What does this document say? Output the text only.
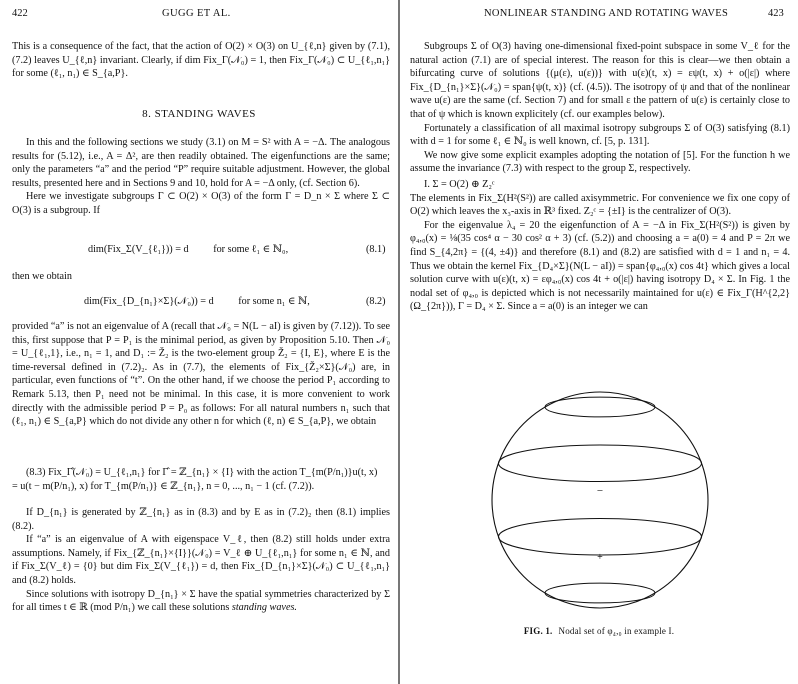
422	GUGG ET AL.

This is a consequence of the fact, that the action of O(2) × O(3) on U_{ℓ,n} given by (7.1), (7.2) leaves U_{ℓ,n} invariant. Clearly, if dim Fix_Γ(𝒩₀) = 1, then Fix_Γ(𝒩₀) ⊂ U_{ℓ₁,n₁} for some (ℓ₁, n₁) ∈ S_{a,P}.

8. STANDING WAVES

In this and the following sections we study (3.1) on M = S² with A = −Δ. The analogous results for (5.12), i.e., A = Δ², are then readily obtained. The eigenfunctions are the same; only the parameters “a” and the period “P” require suitable adjustment. However, the global results, presented here and in Sections 9 and 10, hold for A = −Δ only, (cf. Section 6).

Here we investigate subgroups Γ ⊂ O(2) × O(3) of the form Γ = D_n × Σ where Σ ⊂ O(3) is a subgroup. If

dim(Fix_Σ(V_{ℓ₁})) = d for some ℓ₁ ∈ ℕ₀,	(8.1)
then we obtain
dim(Fix_{D_{n₁}×Σ}(𝒩₀)) = d for some n₁ ∈ ℕ,	(8.2)

provided “a” is not an eigenvalue of A (recall that 𝒩₀ = N(L − aI) is given by (7.12)). To see this, first suppose that P = P₁ is the minimal period, as given by Proposition 5.10. Then 𝒩₀ = U_{ℓ₁,1}, i.e., n₁ = 1, and D₁ := Ž₂ is the two-element group Ž₂ = {I, E}, where E is the time-reversal defined in (7.2)₂. As in (7.7), the elements of Fix_{Ž₂×Σ}(𝒩₀) are, in particular, even functions of “t”. On the other hand, if we choose the period P₁ according to Remark 5.13, then P₁ need not be minimal. In this case, it is more convenient to work directly with the admissible period P = P₀ as follows: For all natural numbers n₁ such that (ℓ₁, n₁) ∈ S_{a,P} which do not divide any other n for which (ℓ, n) ∈ S_{a,P}, we obtain

(8.3) Fix_Γ̂(𝒩₀) = U_{ℓ₁,n₁} for Γ̂ = ℤ_{n₁} × {I} with the action T_{m(P/n₁)}u(t, x)

= u(t − m(P/n₁), x) for T_{m(P/n₁)} ∈ ℤ_{n₁}, n = 0, ..., n₁ − 1 (cf. (7.2)).

If D_{n₁} is generated by ℤ_{n₁} as in (8.3) and by E as in (7.2)₂ then (8.1) implies (8.2).

If “a” is an eigenvalue of A with eigenspace V_ℓ, then (8.2) still holds under extra assumptions. Namely, if Fix_{ℤ_{n₁}×{I}}(𝒩₀) = V_ℓ ⊕ U_{ℓ₁,n₁} for some n₁ ∈ ℕ, and if Fix_Σ(V_ℓ) = {0} but dim Fix_Σ(V_{ℓ₁}) = d, then Fix_{D_{n₁}×Σ}(𝒩₀) ⊂ U_{ℓ₁,n₁} and (8.2) holds.

Since solutions with isotropy D_{n₁} × Σ have the spatial symmetries characterized by Σ for all times t ∈ ℝ (mod P/n₁) we call these solutions standing waves.

NONLINEAR STANDING AND ROTATING WAVES	423

Subgroups Σ of O(3) having one-dimensional fixed-point subspace in some V_ℓ for the natural action (7.1) are of special interest. The reason for this is clear—we then obtain a bifurcating curve of solutions {(μ(ε), u(ε))} with u(ε)(t, x) = εψ(t, x) + o(|ε|) where Fix_{D_{n₁}×Σ}(𝒩₀) = span{ψ(t, x)} (cf. (4.5)). The isotropy of ψ and that of the nonlinear wave u(ε) are the same (cf. Section 7) and for small ε the pattern of u(ε) is certainly close to that of ψ which is known explicitely (cf. our examples below).

Fortunately a classification of all maximal isotropy subgroups Σ of O(3) satisfying (8.1) with d = 1 for some ℓ₁ ∈ ℕ₀ is well known, cf. [5, p. 131].

We now give some explicit examples adopting the notation of [5]. For the function h we assume the invariance (7.3) with respect to the group Σ, respectively.

I. Σ = O(2) ⊕ Z₂ᶜ

The elements in Fix_Σ(H²(S²)) are called axisymmetric. For convenience we fix one copy of O(2) which leaves the x₃-axis in ℝ³ fixed. Z₂ᶜ = {±I} is the centralizer of O(3).

For the eigenvalue λ₄ = 20 the eigenfunction of A = −Δ in Fix_Σ(H²(S²)) is given by φ₄,₀(x) = ⅛(35 cos⁴ α − 30 cos² α + 3) (cf. (5.2)) and choosing a = a(0) = 4 and P = 2π we find S_{4,2π} = {(4, ±4)} and therefore (8.1) and (8.2) are satisfied with d = 1 and n₁ = 4. Thus we obtain the kernel Fix_{D₄×Σ}(N(L − aI)) = span{φ₄,₀(x) cos 4t} which gives a local solution curve with u(ε)(t, x) = εφ₄,₀(x) cos 4t + o(|ε|) having isotropy D₄ × Σ. In Fig. 1 the nodal set of φ₄,₀ is depicted which is not necessarily maintained for u(ε) ∈ Fix_Γ(H^{2,2}(Ω_{2π})), Γ = D₄ × Σ. Since a = a(0) is an integer we can

−
+
FIG. 1. Nodal set of φ₄,₀ in example I.
